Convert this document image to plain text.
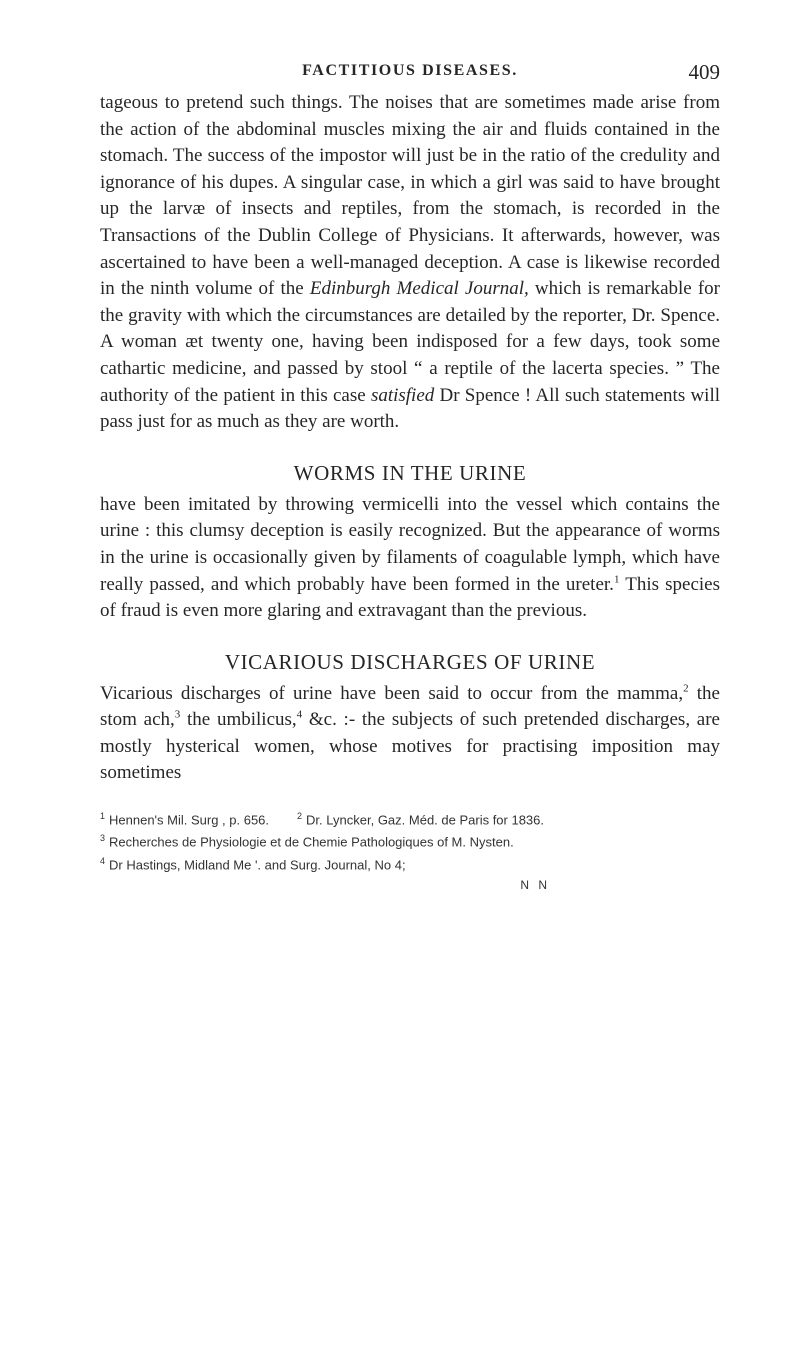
FACTITIOUS DISEASES.	409

tageous to pretend such things. The noises that are sometimes made arise from the action of the abdominal muscles mixing the air and fluids contained in the stomach. The success of the impostor will just be in the ratio of the credulity and ignorance of his dupes. A singular case, in which a girl was said to have brought up the larvæ of insects and reptiles, from the stomach, is recorded in the Transactions of the Dublin College of Physicians. It afterwards, however, was ascertained to have been a well-managed deception. A case is likewise recorded in the ninth volume of the Edinburgh Medical Journal, which is remarkable for the gravity with which the circumstances are detailed by the reporter, Dr. Spence. A woman æt twenty one, having been indisposed for a few days, took some cathartic medicine, and passed by stool “ a reptile of the lacerta species. ” The authority of the patient in this case satisfied Dr Spence ! All such statements will pass just for as much as they are worth.

WORMS IN THE URINE

have been imitated by throwing vermicelli into the vessel which contains the urine : this clumsy deception is easily recognized. But the appearance of worms in the urine is occasionally given by filaments of coagulable lymph, which have really passed, and which probably have been formed in the ureter.$^1$ This species of fraud is even more glaring and extravagant than the previous.

VICARIOUS DISCHARGES OF URINE

Vicarious discharges of urine have been said to occur from the mamma,$^2$ the stom ach,$^3$ the umbilicus,$^4$ &c. :- the subjects of such pretended discharges, are mostly hysterical women, whose motives for practising imposition may sometimes

$^1$ Hennen's Mil. Surg , p. 656.	$^2$ Dr. Lyncker, Gaz. Méd. de Paris for 1836.
$^3$ Recherches de Physiologie et de Chemie Pathologiques of M. Nysten.
$^4$ Dr Hastings, Midland Me '. and Surg. Journal, No 4;
N N
